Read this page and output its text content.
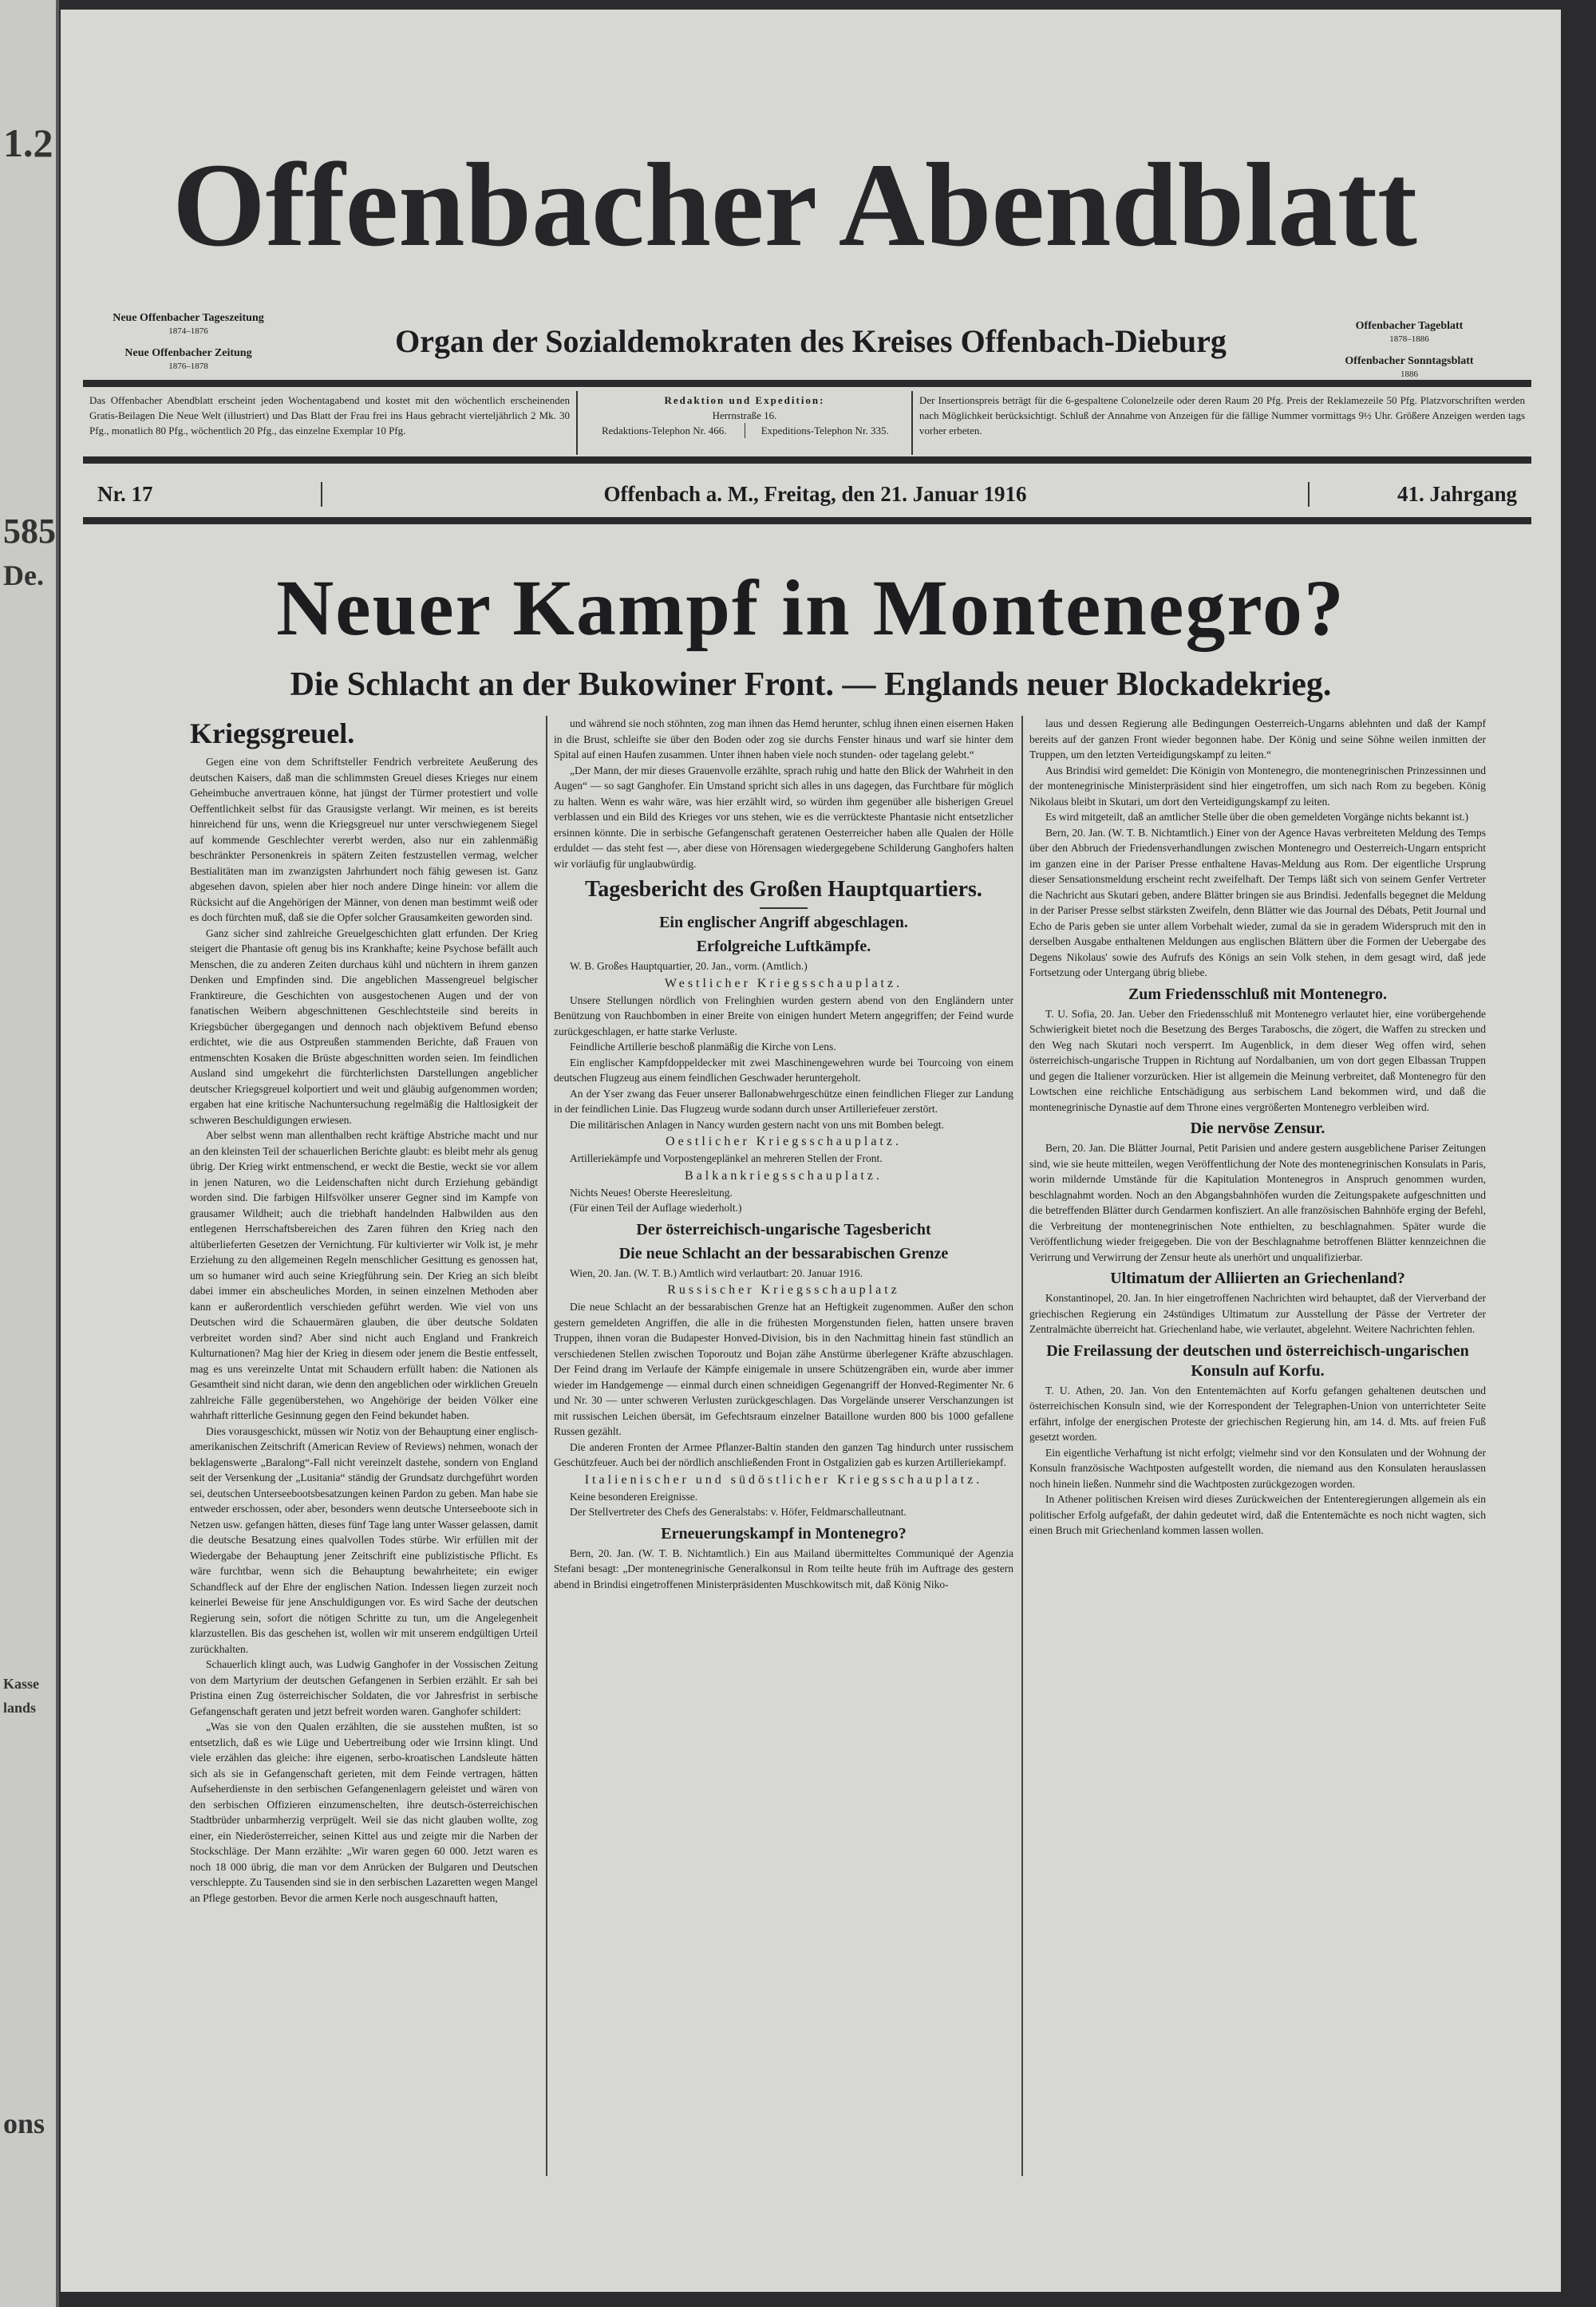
1.2
585
De.
Kasse
lands
ons
Offenbacher Abendblatt
Neue Offenbacher Tageszeitung
1874–1876
Neue Offenbacher Zeitung
1876–1878
Organ der Sozialdemokraten des Kreises Offenbach-Dieburg	Offenbacher Tageblatt
1878–1886
Offenbacher Sonntagsblatt
1886
Das Offenbacher Abendblatt erscheint jeden Wochentagabend und kostet mit den wöchentlich erscheinenden Gratis-Beilagen Die Neue Welt (illustriert) und Das Blatt der Frau frei ins Haus gebracht vierteljährlich 2 Mk. 30 Pfg., monatlich 80 Pfg., wöchentlich 20 Pfg., das einzelne Exemplar 10 Pfg.
Redaktion und Expedition:
Herrnstraße 16.
Redaktions-Telephon Nr. 466.	Expeditions-Telephon Nr. 335.
Der Insertionspreis beträgt für die 6-gespaltene Colonelzeile oder deren Raum 20 Pfg. Preis der Reklamezeile 50 Pfg. Platzvorschriften werden nach Möglichkeit berücksichtigt. Schluß der Annahme von Anzeigen für die fällige Nummer vormittags 9½ Uhr. Größere Anzeigen werden tags vorher erbeten.
Nr. 17	Offenbach a. M., Freitag, den 21. Januar 1916	41. Jahrgang
Neuer Kampf in Montenegro?
Die Schlacht an der Bukowiner Front. — Englands neuer Blockadekrieg.
Kriegsgreuel.

Gegen eine von dem Schriftsteller Fendrich verbreitete Aeußerung des deutschen Kaisers, daß man die schlimmsten Greuel dieses Krieges nur einem Geheimbuche anvertrauen könne, hat jüngst der Türmer protestiert und volle Oeffentlichkeit selbst für das Grausigste verlangt. Wir meinen, es ist bereits hinreichend für uns, wenn die Kriegsgreuel nur unter verschwiegenem Siegel auf kommende Geschlechter vererbt werden, also nur ein zahlenmäßig beschränkter Personenkreis in spätern Zeiten festzustellen vermag, welcher Bestialitäten man im zwanzigsten Jahrhundert noch fähig gewesen ist. Ganz abgesehen davon, spielen aber hier noch andere Dinge hinein: vor allem die Rücksicht auf die Angehörigen der Männer, von denen man bestimmt weiß oder es doch fürchten muß, daß sie die Opfer solcher Grausamkeiten geworden sind.

Ganz sicher sind zahlreiche Greuelgeschichten glatt erfunden. Der Krieg steigert die Phantasie oft genug bis ins Krankhafte; keine Psychose befällt auch Menschen, die zu anderen Zeiten durchaus kühl und nüchtern in ihrem ganzen Denken und Empfinden sind. Die angeblichen Massengreuel belgischer Franktireure, die Geschichten von ausgestochenen Augen und der von fanatischen Weibern abgeschnittenen Geschlechtsteile sind bereits in Kriegsbücher übergegangen und dennoch nach objektivem Befund ebenso erdichtet, wie die aus Ostpreußen stammenden Berichte, daß Frauen von entmenschten Kosaken die Brüste abgeschnitten worden seien. Im feindlichen Ausland sind umgekehrt die fürchterlichsten Darstellungen angeblicher deutscher Kriegsgreuel kolportiert und weit und gläubig aufgenommen worden; ergaben hat eine kritische Nachuntersuchung regelmäßig die Haltlosigkeit der schweren Beschuldigungen erwiesen.

Aber selbst wenn man allenthalben recht kräftige Abstriche macht und nur an den kleinsten Teil der schauerlichen Berichte glaubt: es bleibt mehr als genug übrig. Der Krieg wirkt entmenschend, er weckt die Bestie, weckt sie vor allem in jenen Naturen, wo die Leidenschaften nicht durch Erziehung gebändigt worden sind. Die farbigen Hilfsvölker unserer Gegner sind im Kampfe von grausamer Wildheit; auch die triebhaft handelnden Halbwilden aus den entlegenen Herrschaftsbereichen des Zaren führen den Krieg nach den altüberlieferten Gesetzen der Vernichtung. Für kultivierter wir Volk ist, je mehr Erziehung zu den allgemeinen Regeln menschlicher Gesittung es genossen hat, um so humaner wird auch seine Kriegführung sein. Der Krieg an sich bleibt dabei immer ein abscheuliches Morden, in seinen einzelnen Methoden aber kann er außerordentlich verschieden geführt werden. Wie viel von uns Deutschen wird die Schauermären glauben, die über deutsche Soldaten verbreitet worden sind? Aber sind nicht auch England und Frankreich Kulturnationen? Mag hier der Krieg in diesem oder jenem die Bestie entfesselt, mag es uns vereinzelte Untat mit Schaudern erfüllt haben: die Nationen als Gesamtheit sind nicht daran, wie denn den angeblichen oder wirklichen Greueln zahlreiche Fälle gegenüberstehen, wo Angehörige der beiden Völker eine wahrhaft ritterliche Gesinnung gegen den Feind bekundet haben.

Dies vorausgeschickt, müssen wir Notiz von der Behauptung einer englisch-amerikanischen Zeitschrift (American Review of Reviews) nehmen, wonach der beklagenswerte „Baralong“-Fall nicht vereinzelt dastehe, sondern von England seit der Versenkung der „Lusitania“ ständig der Grundsatz durchgeführt worden sei, deutschen Unterseebootsbesatzungen keinen Pardon zu geben. Man habe sie entweder erschossen, oder aber, besonders wenn deutsche Unterseeboote sich in Netzen usw. gefangen hätten, dieses fünf Tage lang unter Wasser gelassen, damit die deutsche Besatzung eines qualvollen Todes stürbe. Wir erfüllen mit der Wiedergabe der Behauptung jener Zeitschrift eine publizistische Pflicht. Es wäre furchtbar, wenn sich die Behauptung bewahrheitete; ein ewiger Schandfleck auf der Ehre der englischen Nation. Indessen liegen zurzeit noch keinerlei Beweise für jene Anschuldigungen vor. Es wird Sache der deutschen Regierung sein, sofort die nötigen Schritte zu tun, um die Angelegenheit klarzustellen. Bis das geschehen ist, wollen wir mit unserem endgültigen Urteil zurückhalten.

Schauerlich klingt auch, was Ludwig Ganghofer in der Vossischen Zeitung von dem Martyrium der deutschen Gefangenen in Serbien erzählt. Er sah bei Pristina einen Zug österreichischer Soldaten, die vor Jahresfrist in serbische Gefangenschaft geraten und jetzt befreit worden waren. Ganghofer schildert:

„Was sie von den Qualen erzählten, die sie ausstehen mußten, ist so entsetzlich, daß es wie Lüge und Uebertreibung oder wie Irrsinn klingt. Und viele erzählen das gleiche: ihre eigenen, serbo-kroatischen Landsleute hätten sich als sie in Gefangenschaft gerieten, mit dem Feinde vertragen, hätten Aufseherdienste in den serbischen Gefangenenlagern geleistet und wären von den serbischen Offizieren einzumenschelten, ihre deutsch-österreichischen Stadtbrüder unbarmherzig verprügelt. Weil sie das nicht glauben wollte, zog einer, ein Niederösterreicher, seinen Kittel aus und zeigte mir die Narben der Stockschläge. Der Mann erzählte: „Wir waren gegen 60 000. Jetzt waren es noch 18 000 übrig, die man vor dem Anrücken der Bulgaren und Deutschen verschleppte. Zu Tausenden sind sie in den serbischen Lazaretten wegen Mangel an Pflege gestorben. Bevor die armen Kerle noch ausgeschnauft hatten,

und während sie noch stöhnten, zog man ihnen das Hemd herunter, schlug ihnen einen eisernen Haken in die Brust, schleifte sie über den Boden oder zog sie durchs Fenster hinaus und warf sie hinter dem Spital auf einen Haufen zusammen. Unter ihnen haben viele noch stunden- oder tagelang gelebt.“

„Der Mann, der mir dieses Grauenvolle erzählte, sprach ruhig und hatte den Blick der Wahrheit in den Augen“ — so sagt Ganghofer. Ein Umstand spricht sich alles in uns dagegen, das Furchtbare für möglich zu halten. Wenn es wahr wäre, was hier erzählt wird, so würden ihm gegenüber alle bisherigen Greuel verblassen und ein Bild des Krieges vor uns stehen, wie es die verrückteste Phantasie nicht entsetzlicher ersinnen könnte. Die in serbische Gefangenschaft geratenen Oesterreicher haben alle Qualen der Hölle erduldet — das steht fest —, aber diese von Hörensagen wiedergegebene Schilderung Ganghofers halten wir vorläufig für unglaubwürdig.

Tagesbericht des Großen Hauptquartiers.
Ein englischer Angriff abgeschlagen.
Erfolgreiche Luftkämpfe.

W. B. Großes Hauptquartier, 20. Jan., vorm. (Amtlich.)

Westlicher Kriegsschauplatz.

Unsere Stellungen nördlich von Frelinghien wurden gestern abend von den Engländern unter Benützung von Rauchbomben in einer Breite von einigen hundert Metern angegriffen; der Feind wurde zurückgeschlagen, er hatte starke Verluste.

Feindliche Artillerie beschoß planmäßig die Kirche von Lens.

Ein englischer Kampfdoppeldecker mit zwei Maschinengewehren wurde bei Tourcoing von einem deutschen Flugzeug aus einem feindlichen Geschwader heruntergeholt.

An der Yser zwang das Feuer unserer Ballonabwehrgeschütze einen feindlichen Flieger zur Landung in der feindlichen Linie. Das Flugzeug wurde sodann durch unser Artilleriefeuer zerstört.

Die militärischen Anlagen in Nancy wurden gestern nacht von uns mit Bomben belegt.

Oestlicher Kriegsschauplatz.

Artilleriekämpfe und Vorpostengeplänkel an mehreren Stellen der Front.

Balkankriegsschauplatz.

Nichts Neues! Oberste Heeresleitung.

(Für einen Teil der Auflage wiederholt.)

Der österreichisch-ungarische Tagesbericht
Die neue Schlacht an der bessarabischen Grenze

Wien, 20. Jan. (W. T. B.) Amtlich wird verlautbart: 20. Januar 1916.

Russischer Kriegsschauplatz

Die neue Schlacht an der bessarabischen Grenze hat an Heftigkeit zugenommen. Außer den schon gestern gemeldeten Angriffen, die alle in die frühesten Morgenstunden fielen, hatten unsere braven Truppen, ihnen voran die Budapester Honved-Division, bis in den Nachmittag hinein fast stündlich an verschiedenen Stellen zwischen Toporoutz und Bojan zähe Anstürme überlegener Kräfte abzuschlagen. Der Feind drang im Verlaufe der Kämpfe einigemale in unsere Schützengräben ein, wurde aber immer wieder im Handgemenge — einmal durch einen schneidigen Gegenangriff der Honved-Regimenter Nr. 6 und Nr. 30 — unter schweren Verlusten zurückgeschlagen. Das Vorgelände unserer Verschanzungen ist mit russischen Leichen übersät, im Gefechtsraum einzelner Bataillone wurden 800 bis 1000 gefallene Russen gezählt.

Die anderen Fronten der Armee Pflanzer-Baltin standen den ganzen Tag hindurch unter russischem Geschützfeuer. Auch bei der nördlich anschließenden Front in Ostgalizien gab es kurzen Artilleriekampf.

Italienischer und südöstlicher Kriegsschauplatz.

Keine besonderen Ereignisse.

Der Stellvertreter des Chefs des Generalstabs: v. Höfer, Feldmarschalleutnant.

Erneuerungskampf in Montenegro?

Bern, 20. Jan. (W. T. B. Nichtamtlich.) Ein aus Mailand übermitteltes Communiqué der Agenzia Stefani besagt: „Der montenegrinische Generalkonsul in Rom teilte heute früh im Auftrage des gestern abend in Brindisi eingetroffenen Ministerpräsidenten Muschkowitsch mit, daß König Niko-

laus und dessen Regierung alle Bedingungen Oesterreich-Ungarns ablehnten und daß der Kampf bereits auf der ganzen Front wieder begonnen habe. Der König und seine Söhne weilen inmitten der Truppen, um den letzten Verteidigungskampf zu leiten.“

Aus Brindisi wird gemeldet: Die Königin von Montenegro, die montenegrinischen Prinzessinnen und der montenegrinische Ministerpräsident sind hier eingetroffen, um sich nach Rom zu begeben. König Nikolaus bleibt in Skutari, um dort den Verteidigungskampf zu leiten.

Es wird mitgeteilt, daß an amtlicher Stelle über die oben gemeldeten Vorgänge nichts bekannt ist.)

Bern, 20. Jan. (W. T. B. Nichtamtlich.) Einer von der Agence Havas verbreiteten Meldung des Temps über den Abbruch der Friedensverhandlungen zwischen Montenegro und Oesterreich-Ungarn entspricht im ganzen eine in der Pariser Presse enthaltene Havas-Meldung aus Rom. Der eigentliche Ursprung dieser Sensationsmeldung erscheint recht zweifelhaft. Der Temps läßt sich von seinem Genfer Vertreter die Nachricht aus Skutari geben, andere Blätter bringen sie aus Brindisi. Jedenfalls begegnet die Meldung in der Pariser Presse selbst stärksten Zweifeln, denn Blätter wie das Journal des Débats, Petit Journal und Echo de Paris geben sie unter allem Vorbehalt wieder, zumal da sie in geradem Widerspruch mit den in derselben Ausgabe enthaltenen Meldungen aus englischen Blättern über die Formen der Uebergabe des Degens Nikolaus' sowie des Aufrufs des Königs an sein Volk stehen, in dem gesagt wird, daß jede Fortsetzung oder Untergang übrig bliebe.

Zum Friedensschluß mit Montenegro.

T. U. Sofia, 20. Jan. Ueber den Friedensschluß mit Montenegro verlautet hier, eine vorübergehende Schwierigkeit bietet noch die Besetzung des Berges Taraboschs, die zögert, die Waffen zu strecken und den Weg nach Skutari noch versperrt. Im Augenblick, in dem dieser Weg offen wird, sehen österreichisch-ungarische Truppen in Richtung auf Nordalbanien, um von dort gegen Elbassan Truppen und gegen die Italiener vorzurücken. Hier ist allgemein die Meinung verbreitet, daß Montenegro für den Lowtschen eine reichliche Entschädigung aus serbischem Land bekommen wird, und daß die montenegrinische Dynastie auf dem Throne eines vergrößerten Montenegro verbleiben wird.

Die nervöse Zensur.

Bern, 20. Jan. Die Blätter Journal, Petit Parisien und andere gestern ausgeblichene Pariser Zeitungen sind, wie sie heute mitteilen, wegen Veröffentlichung der Note des montenegrinischen Konsulats in Paris, worin mildernde Umstände für die Kapitulation Montenegros in Anspruch genommen wurden, beschlagnahmt worden. Noch an den Abgangsbahnhöfen wurden die Zeitungspakete aufgeschnitten und die betreffenden Blätter durch Gendarmen konfisziert. An alle französischen Bahnhöfe erging der Befehl, die Verbreitung der montenegrinischen Note enthielten, zu beschlagnahmen. Später wurde die Veröffentlichung wieder freigegeben. Die von der Beschlagnahme betroffenen Blätter kennzeichnen die Verirrung und Verwirrung der Zensur heute als unerhört und unqualifizierbar.

Ultimatum der Alliierten an Griechenland?

Konstantinopel, 20. Jan. In hier eingetroffenen Nachrichten wird behauptet, daß der Vierverband der griechischen Regierung ein 24stündiges Ultimatum zur Ausstellung der Pässe der Vertreter der Zentralmächte überreicht hat. Griechenland habe, wie verlautet, abgelehnt. Weitere Nachrichten fehlen.

Die Freilassung der deutschen und österreichisch-ungarischen Konsuln auf Korfu.

T. U. Athen, 20. Jan. Von den Ententemächten auf Korfu gefangen gehaltenen deutschen und österreichischen Konsuln sind, wie der Korrespondent der Telegraphen-Union von unterrichteter Seite erfährt, infolge der energischen Proteste der griechischen Regierung hin, am 14. d. Mts. auf freien Fuß gesetzt worden.

Ein eigentliche Verhaftung ist nicht erfolgt; vielmehr sind vor den Konsulaten und der Wohnung der Konsuln französische Wachtposten aufgestellt worden, die niemand aus den Konsulaten herauslassen noch hinein ließen. Nunmehr sind die Wachtposten zurückgezogen worden.

In Athener politischen Kreisen wird dieses Zurückweichen der Ententeregierungen allgemein als ein politischer Erfolg aufgefaßt, der dahin gedeutet wird, daß die Ententemächte es noch nicht wagten, sich einen Bruch mit Griechenland kommen lassen wollen.
